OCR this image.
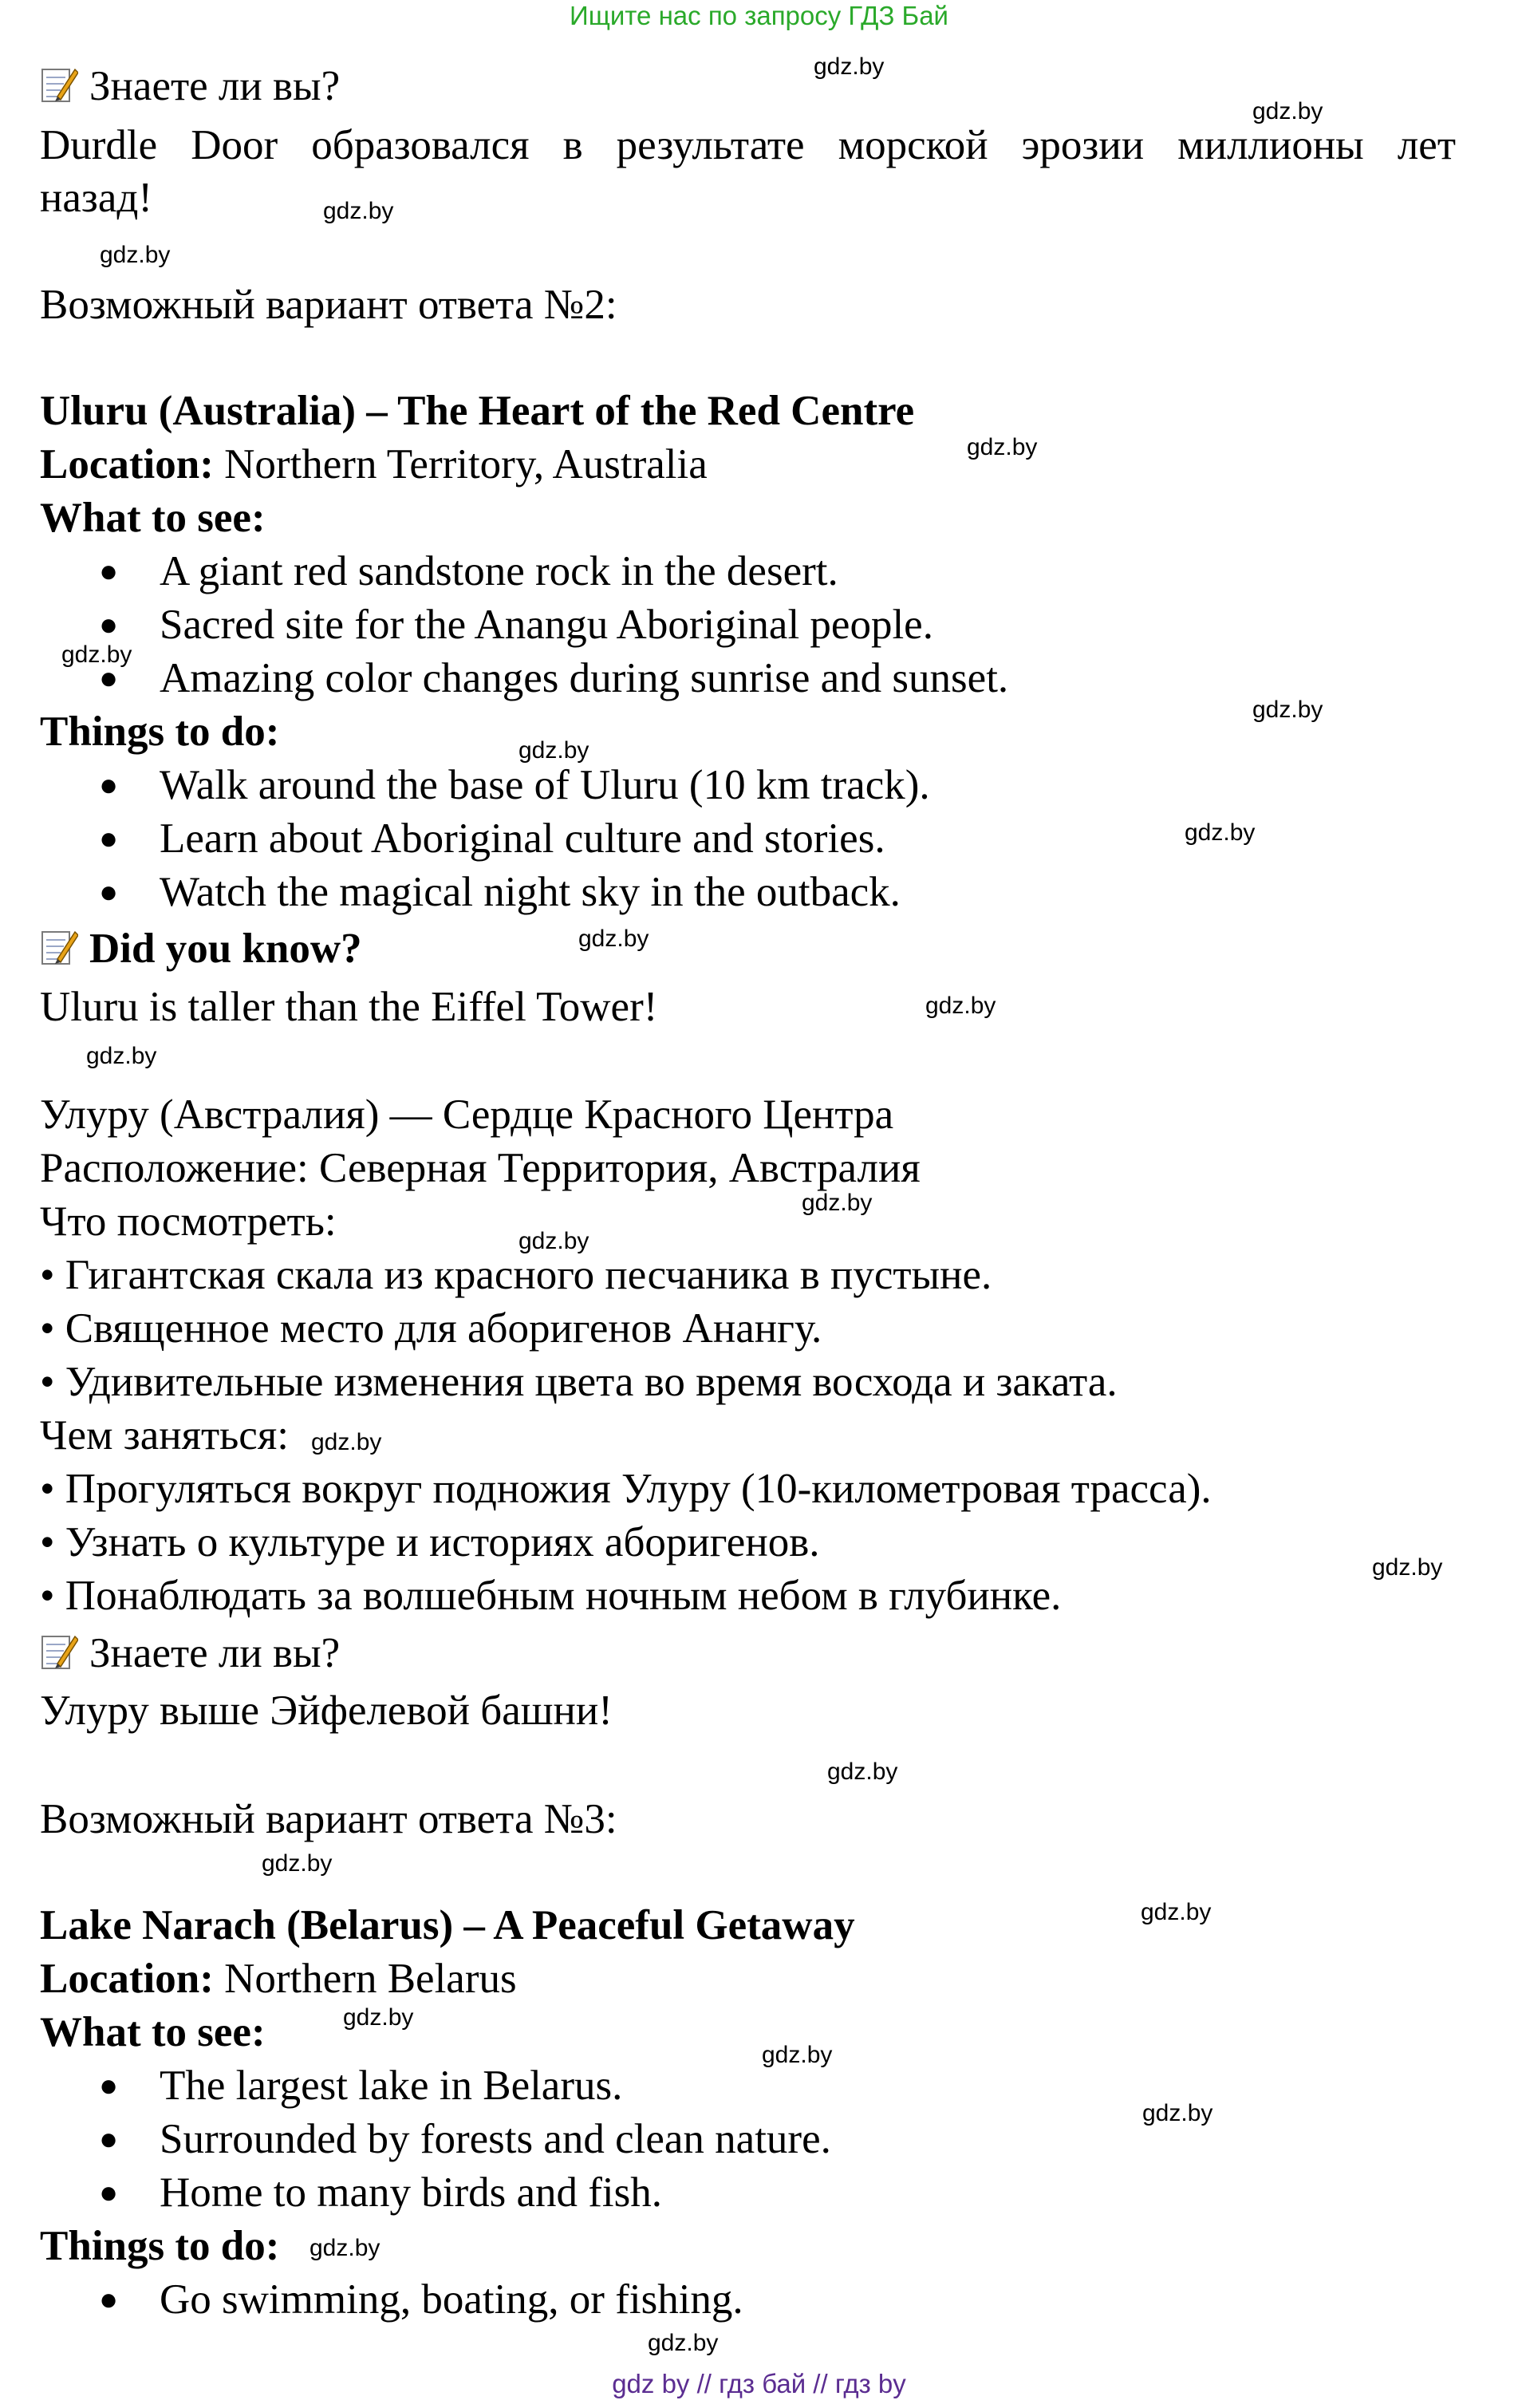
Ищите нас по запросу ГДЗ Бай
Знаете ли вы?
Durdle Door образовался в результате морской эрозии миллионы лет
назад!
Возможный вариант ответа №2:
Uluru (Australia) – The Heart of the Red Centre
Location: Northern Territory, Australia
What to see:
● A giant red sandstone rock in the desert.
● Sacred site for the Anangu Aboriginal people.
● Amazing color changes during sunrise and sunset.
Things to do:
● Walk around the base of Uluru (10 km track).
● Learn about Aboriginal culture and stories.
● Watch the magical night sky in the outback.
Did you know?
Uluru is taller than the Eiffel Tower!
Улуру (Австралия) — Сердце Красного Центра
Расположение: Северная Территория, Австралия
Что посмотреть:
• Гигантская скала из красного песчаника в пустыне.
• Священное место для аборигенов Анангу.
• Удивительные изменения цвета во время восхода и заката.
Чем заняться:
• Прогуляться вокруг подножия Улуру (10-километровая трасса).
• Узнать о культуре и историях аборигенов.
• Понаблюдать за волшебным ночным небом в глубинке.
Знаете ли вы?
Улуру выше Эйфелевой башни!
Возможный вариант ответа №3:
Lake Narach (Belarus) – A Peaceful Getaway
Location: Northern Belarus
What to see:
● The largest lake in Belarus.
● Surrounded by forests and clean nature.
● Home to many birds and fish.
Things to do:
● Go swimming, boating, or fishing.
gdz.by
gdz.by
gdz.by
gdz.by
gdz.by
gdz.by
gdz.by
gdz.by
gdz.by
gdz.by
gdz.by
gdz.by
gdz.by
gdz.by
gdz.by
gdz.by
gdz.by
gdz.by
gdz.by
gdz.by
gdz.by
gdz.by
gdz.by
gdz.by
gdz by // гдз бай // гдз by
